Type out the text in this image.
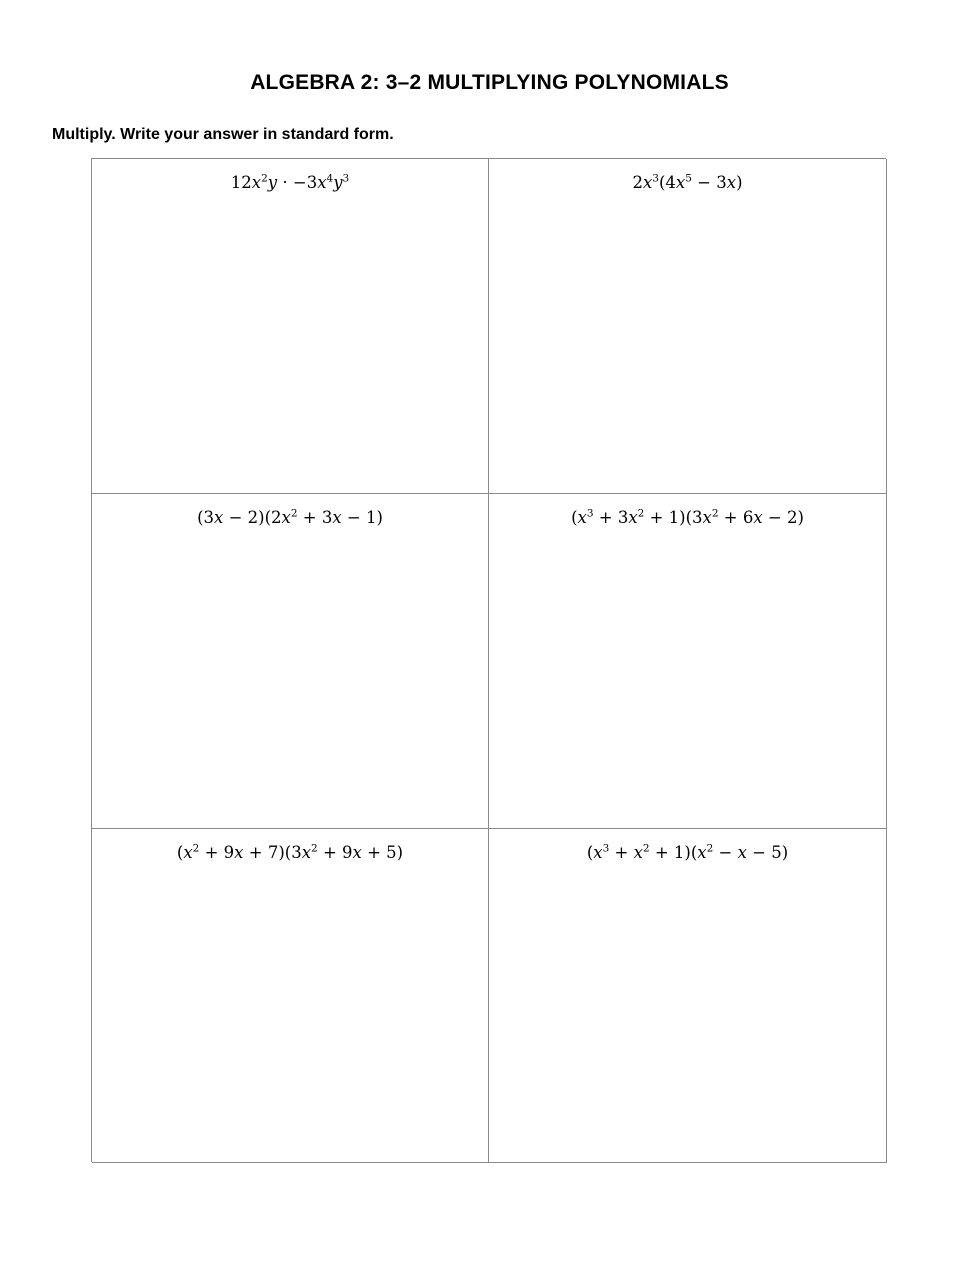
ALGEBRA 2: 3–2 MULTIPLYING POLYNOMIALS
Multiply. Write your answer in standard form.
$12x^2y \cdot -3x^4y^3$	$2x^3(4x^5 - 3x)$
$(3x - 2)(2x^2 + 3x - 1)$	$(x^3 + 3x^2 + 1)(3x^2 + 6x - 2)$
$(x^2 + 9x + 7)(3x^2 + 9x + 5)$	$(x^3 + x^2 + 1)(x^2 - x - 5)$
